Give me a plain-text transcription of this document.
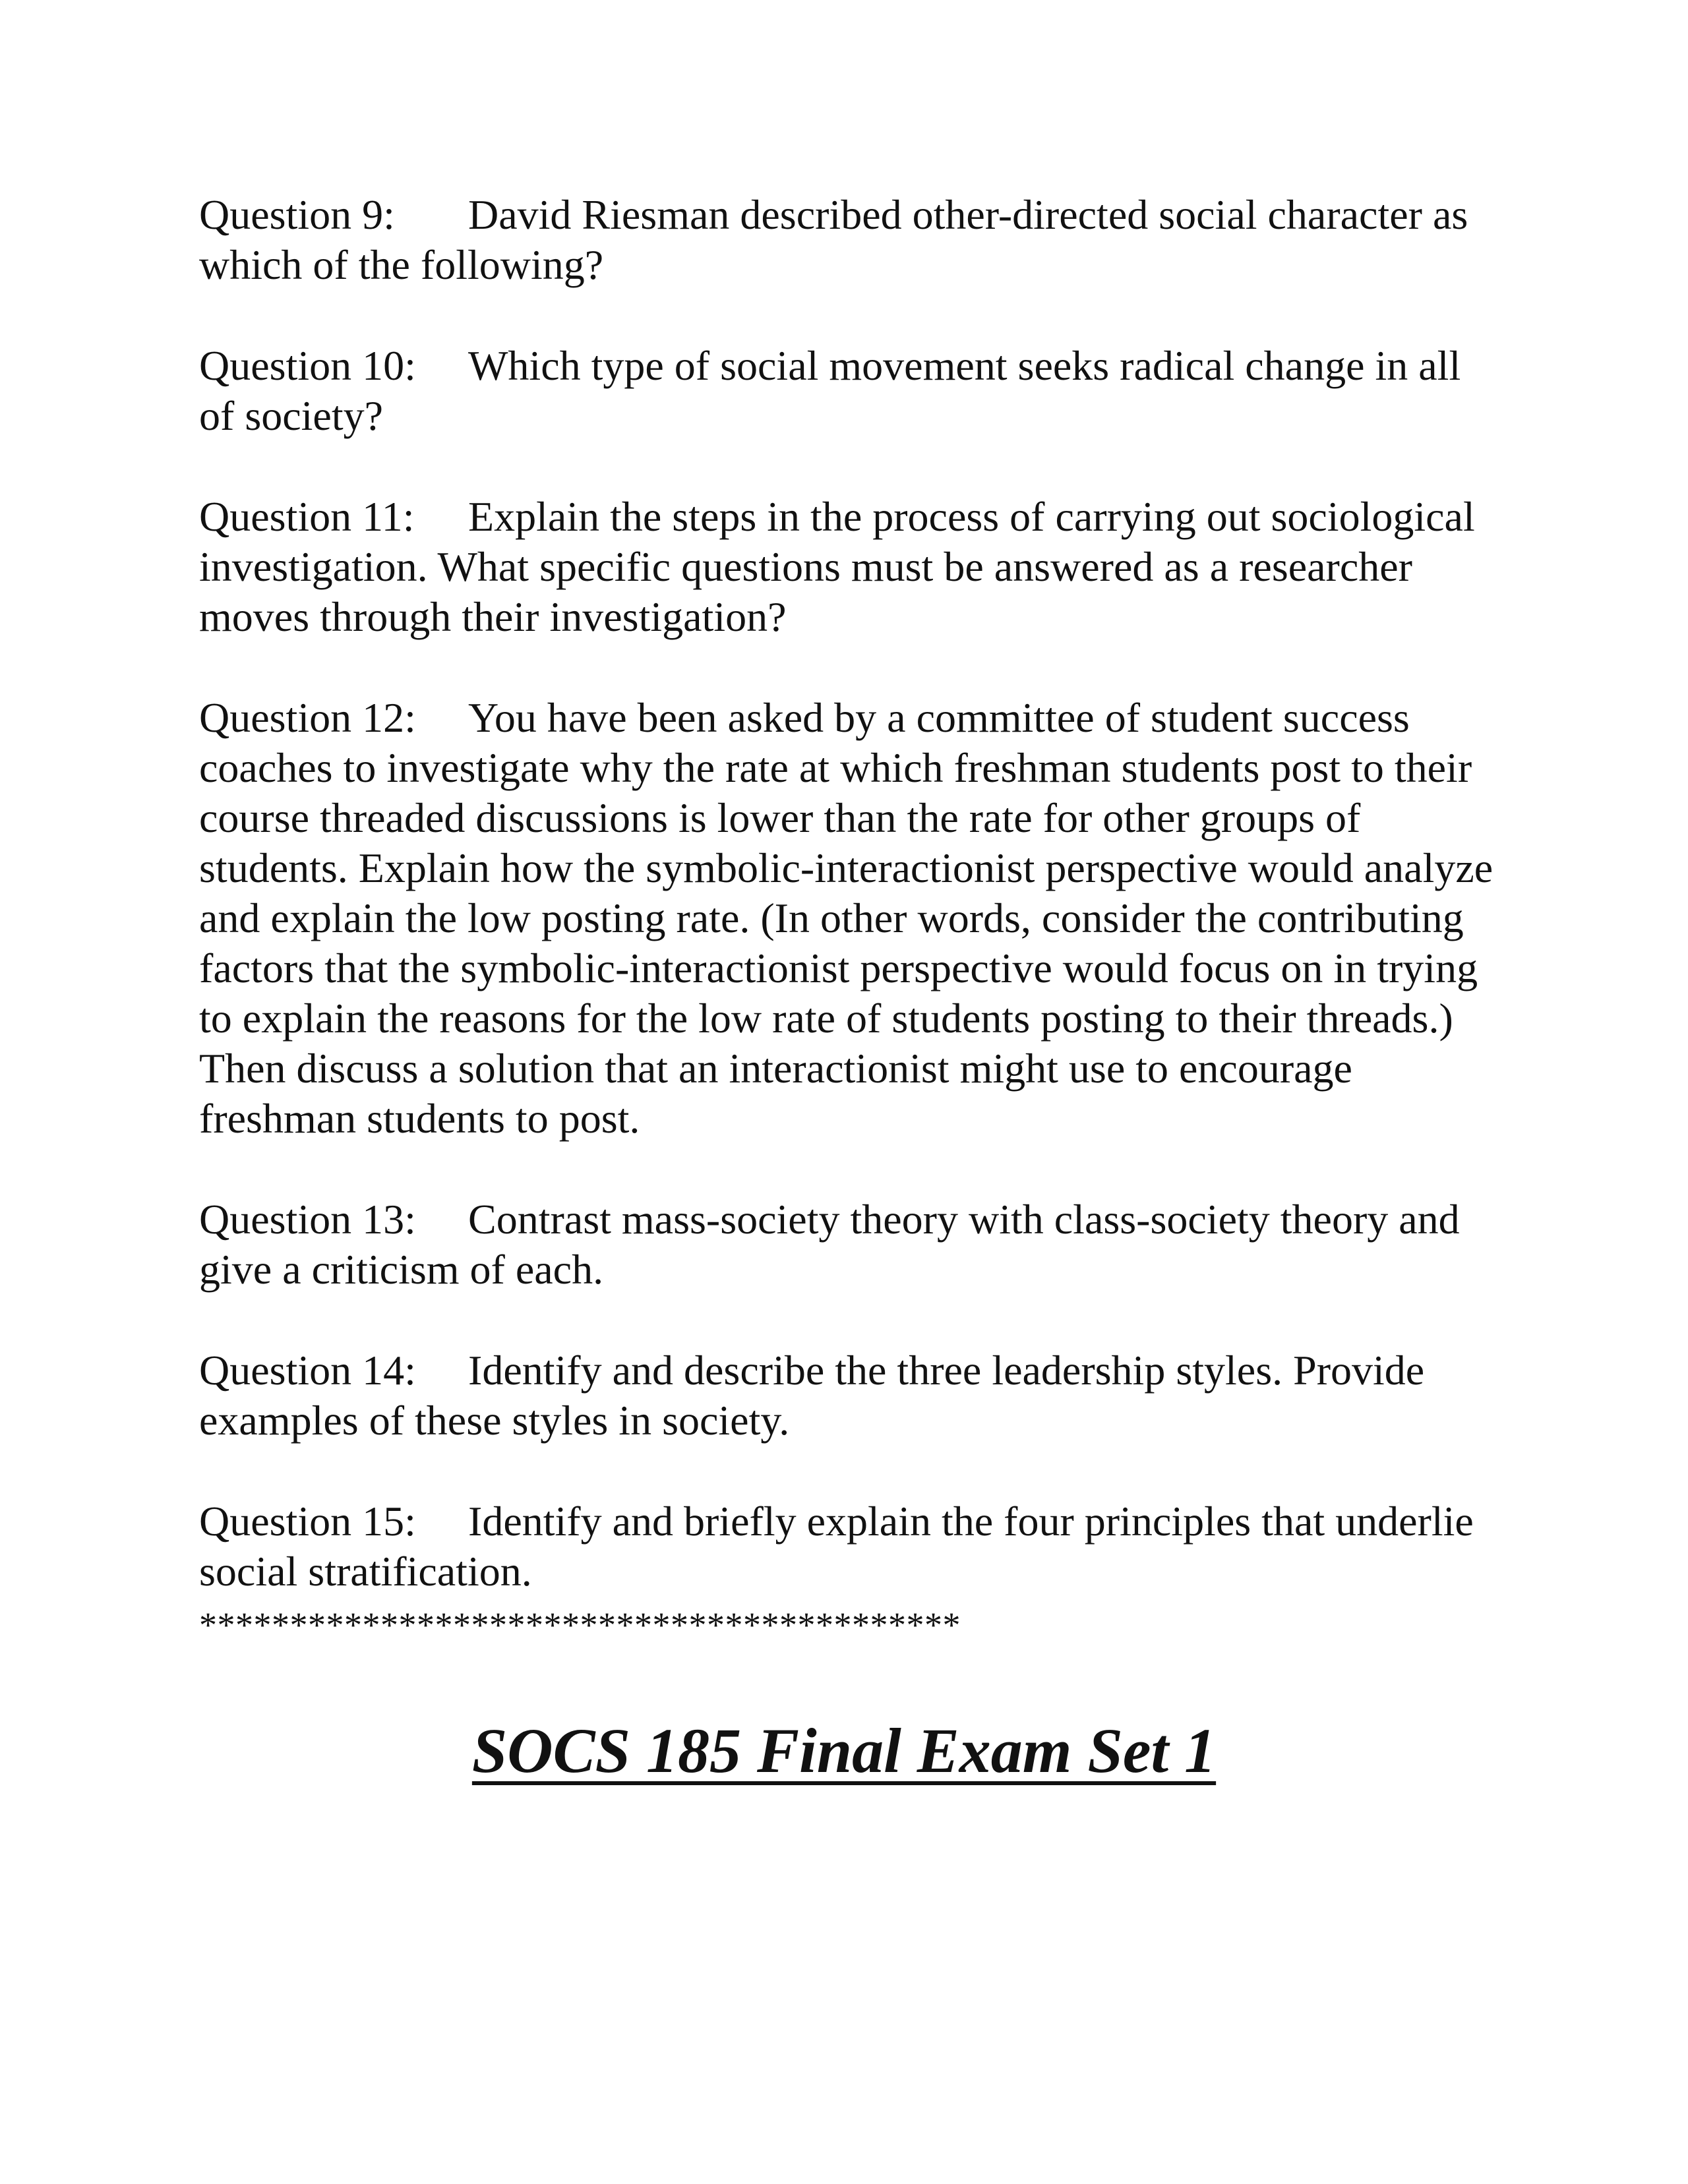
Question 9: David Riesman described other-directed social character as which of the following?

Question 10: Which type of social movement seeks radical change in all of society?

Question 11: Explain the steps in the process of carrying out sociological investigation. What specific questions must be answered as a researcher moves through their investigation?

Question 12: You have been asked by a committee of student success coaches to investigate why the rate at which freshman students post to their course threaded discussions is lower than the rate for other groups of students. Explain how the symbolic-interactionist perspective would analyze and explain the low posting rate. (In other words, consider the contributing factors that the symbolic-interactionist perspective would focus on in trying to explain the reasons for the low rate of students posting to their threads.) Then discuss a solution that an interactionist might use to encourage freshman students to post.

Question 13: Contrast mass-society theory with class-society theory and give a criticism of each.

Question 14: Identify and describe the three leadership styles. Provide examples of these styles in society.

Question 15: Identify and briefly explain the four principles that underlie social stratification.

******************************************
SOCS 185 Final Exam Set 1
